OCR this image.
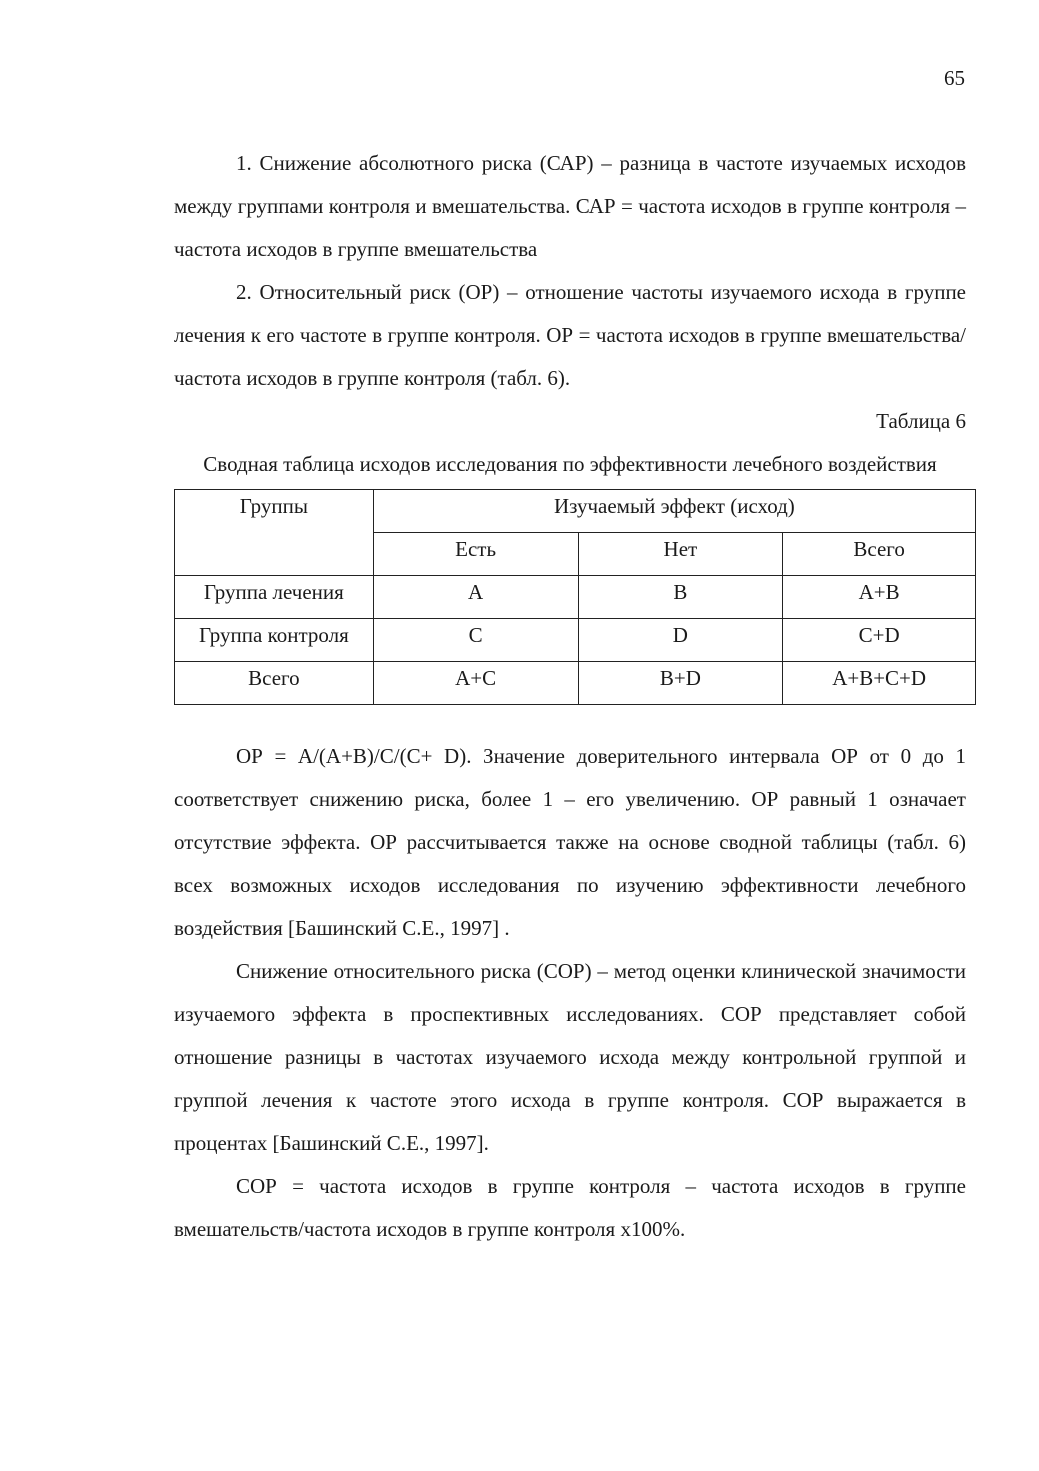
65

1. Снижение абсолютного риска (САР) – разница в частоте изучаемых исходов между группами контроля и вмешательства. САР = частота исходов в группе контроля – частота исходов в группе вмешательства

2. Относительный риск (ОР) – отношение частоты изучаемого исхода в группе лечения к его частоте в группе контроля. ОР = частота исходов в группе вмешательства/частота исходов в группе контроля (табл. 6).

Таблица 6
Сводная таблица исходов исследования по эффективности лечебного воздействия
Группы	Изучаемый эффект (исход)		
	Есть	Нет	Всего
Группа лечения	A	B	A+B
Группа контроля	C	D	C+D
Всего	A+C	B+D	A+B+C+D

ОР = A/(A+B)/C/(C+ D). Значение доверительного интервала ОР от 0 до 1 соответствует снижению риска, более 1 – его увеличению. ОР равный 1 означает отсутствие эффекта. ОР рассчитывается также на основе сводной таблицы (табл. 6) всех возможных исходов исследования по изучению эффективности лечебного воздействия [Башинский С.Е., 1997] .

Снижение относительного риска (СОР) – метод оценки клинической значимости изучаемого эффекта в проспективных исследованиях. СОР представляет собой отношение разницы в частотах изучаемого исхода между контрольной группой и группой лечения к частоте этого исхода в группе контроля. СОР выражается в процентах [Башинский С.Е., 1997].

СОР = частота исходов в группе контроля – частота исходов в группе вмешательств/частота исходов в группе контроля х100%.
